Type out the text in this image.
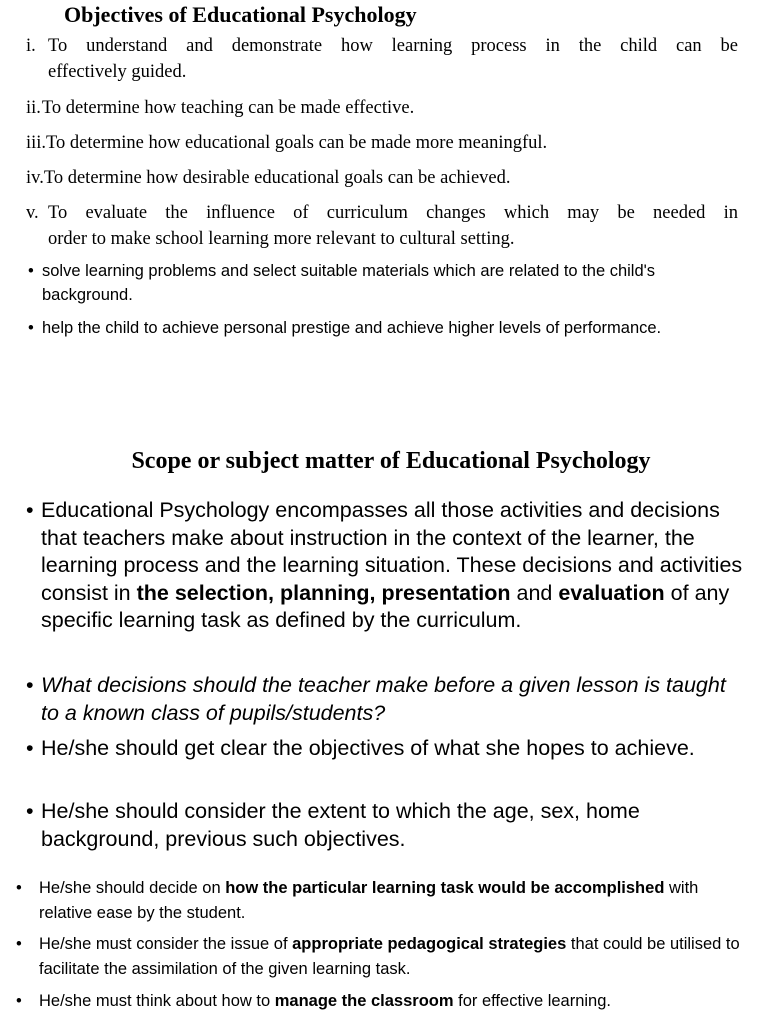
Objectives of Educational Psychology
i. To understand and demonstrate how learning process in the child can be
effectively guided.
ii. To determine how teaching can be made effective.
iii. To determine how educational goals can be made more meaningful.
iv. To determine how desirable educational goals can be achieved.
v. To evaluate the influence of curriculum changes which may be needed in
order to make school learning more relevant to cultural setting.
• solve learning problems and select suitable materials which are related to the child's background.
• help the child to achieve personal prestige and achieve higher levels of performance.
Scope or subject matter of Educational Psychology
• Educational Psychology encompasses all those activities and decisions that teachers make about instruction in the context of the learner, the learning process and the learning situation. These decisions and activities consist in the selection, planning, presentation and evaluation of any specific learning task as defined by the curriculum.
• What decisions should the teacher make before a given lesson is taught to a known class of pupils/students?
• He/she should get clear the objectives of what she hopes to achieve.
• He/she should consider the extent to which the age, sex, home background, previous such objectives.
•	He/she should decide on how the particular learning task would be accomplished with relative ease by the student.
•	He/she must consider the issue of appropriate pedagogical strategies that could be utilised to facilitate the assimilation of the given learning task.
•	He/she must think about how to manage the classroom for effective learning.
